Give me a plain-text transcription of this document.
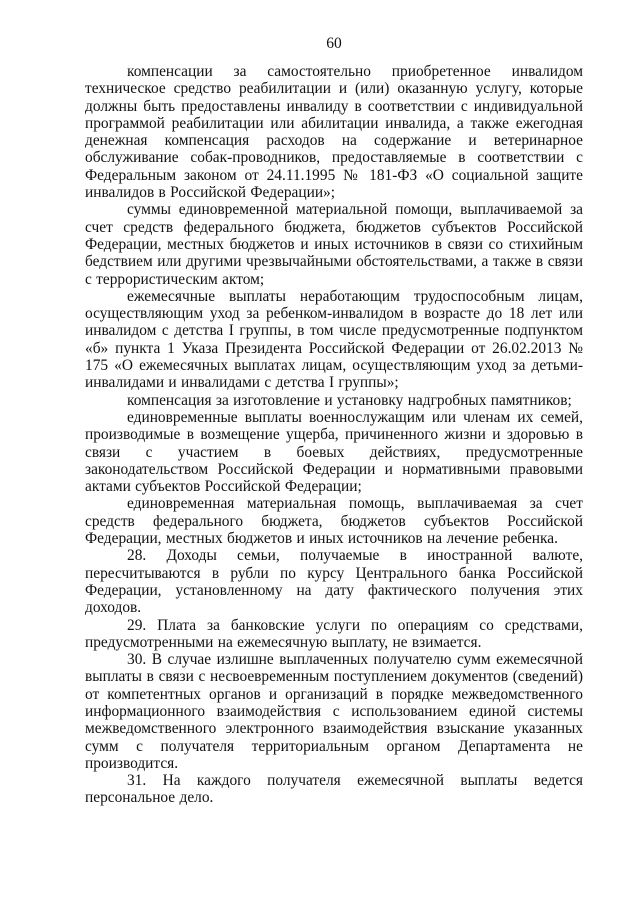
60

компенсации за самостоятельно приобретенное инвалидом техническое средство реабилитации и (или) оказанную услугу, которые должны быть предоставлены инвалиду в соответствии с индивидуальной программой реабилитации или абилитации инвалида, а также ежегодная денежная компенсация расходов на содержание и ветеринарное обслуживание собак-проводников, предоставляемые в соответствии с Федеральным законом от 24.11.1995 № 181-ФЗ «О социальной защите инвалидов в Российской Федерации»;

суммы единовременной материальной помощи, выплачиваемой за счет средств федерального бюджета, бюджетов субъектов Российской Федерации, местных бюджетов и иных источников в связи со стихийным бедствием или другими чрезвычайными обстоятельствами, а также в связи с террористическим актом;

ежемесячные выплаты неработающим трудоспособным лицам, осуществляющим уход за ребенком-инвалидом в возрасте до 18 лет или инвалидом с детства I группы, в том числе предусмотренные подпунктом «б» пункта 1 Указа Президента Российской Федерации от 26.02.2013 № 175 «О ежемесячных выплатах лицам, осуществляющим уход за детьми-инвалидами и инвалидами с детства I группы»;

компенсация за изготовление и установку надгробных памятников;

единовременные выплаты военнослужащим или членам их семей, производимые в возмещение ущерба, причиненного жизни и здоровью в связи с участием в боевых действиях, предусмотренные законодательством Российской Федерации и нормативными правовыми актами субъектов Российской Федерации;

единовременная материальная помощь, выплачиваемая за счет средств федерального бюджета, бюджетов субъектов Российской Федерации, местных бюджетов и иных источников на лечение ребенка.

28. Доходы семьи, получаемые в иностранной валюте, пересчитываются в рубли по курсу Центрального банка Российской Федерации, установленному на дату фактического получения этих доходов.

29. Плата за банковские услуги по операциям со средствами, предусмотренными на ежемесячную выплату, не взимается.

30. В случае излишне выплаченных получателю сумм ежемесячной выплаты в связи с несвоевременным поступлением документов (сведений) от компетентных органов и организаций в порядке межведомственного информационного взаимодействия с использованием единой системы межведомственного электронного взаимодействия взыскание указанных сумм с получателя территориальным органом Департамента не производится.

31. На каждого получателя ежемесячной выплаты ведется персональное дело.
